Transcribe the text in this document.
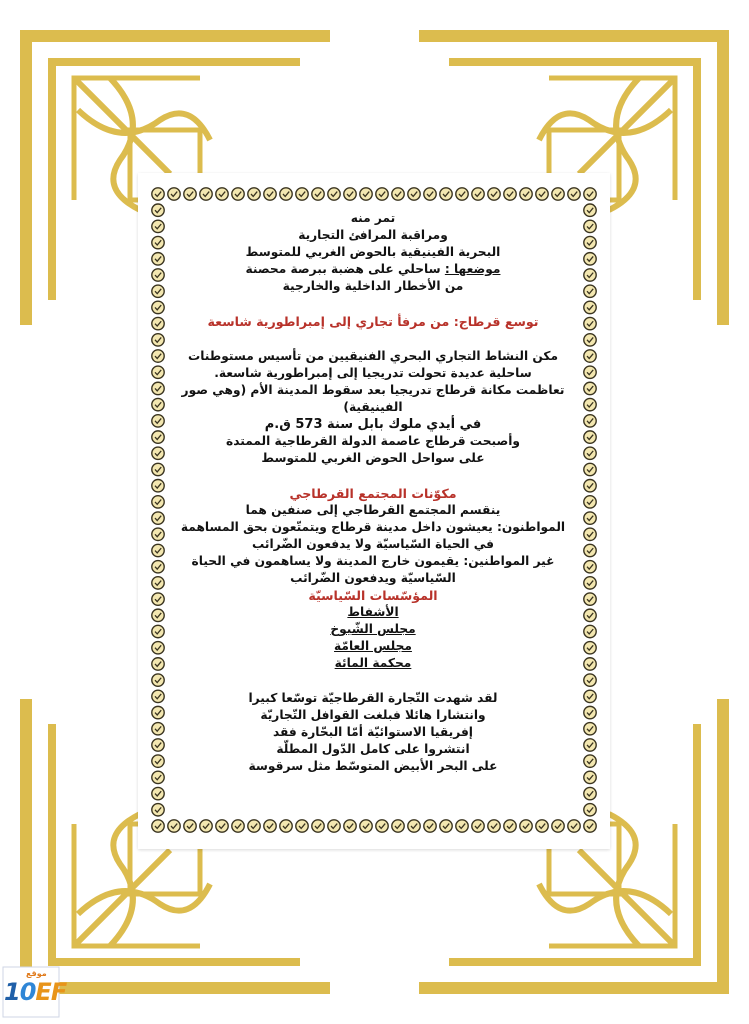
تمر منه

ومراقبة المرافئ التجارية

البحرية الفينيقية بالحوض الغربي للمتوسط

موضعها : ساحلي على هضبة ببرصة محصنة

من الأخطار الداخلية والخارجية

توسع قرطاج: من مرفأ تجاري إلى إمبراطورية شاسعة

مكن النشاط التجاري البحري الفنيقيين من تأسيس مستوطنات

ساحلية عديدة تحولت تدريجيا إلى إمبراطورية شاسعة.

تعاظمت مكانة قرطاج تدريجيا بعد سقوط المدينة الأم (وهي صور الفينيقية)

في أيدي ملوك بابل سنة 573 ق.م

وأصبحت قرطاج عاصمة الدولة القرطاجية الممتدة

على سواحل الحوض الغربي للمتوسط

مكوّنات المجتمع القرطاجي

ينقسم المجتمع القرطاجي إلى صنفين هما

المواطنون: يعيشون داخل مدينة قرطاج ويتمتّعون بحق المساهمة

في الحياة السّياسيّة ولا يدفعون الضّرائب

غير المواطنين: يقيمون خارج المدينة ولا يساهمون في الحياة

السّياسيّة ويدفعون الضّرائب

المؤسّسات السّياسيّة

الأشفاط

مجلس الشّيوخ

مجلس العامّة

محكمة المائة

لقد شهدت التّجارة القرطاجيّة توسّعا كبيرا

وانتشارا هائلا فبلغت القوافل التّجاريّة

إفريقيا الاستوائيّة أمّا البحّارة فقد

انتشروا على كامل الدّول المطلّة

على البحر الأبيض المتوسّط مثل سرقوسة

موقع
10EF
